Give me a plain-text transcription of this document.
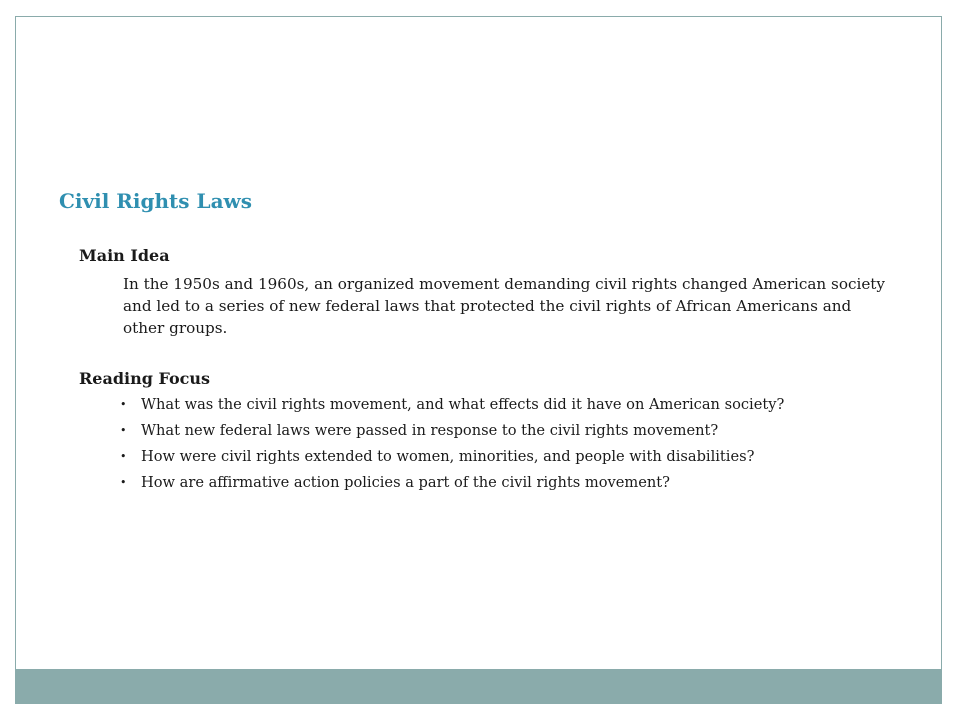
Civil Rights Laws
Main Idea

In the 1950s and 1960s, an organized movement demanding civil rights changed American society and led to a series of new federal laws that protected the civil rights of African Americans and other groups.

Reading Focus
• What was the civil rights movement, and what effects did it have on American society?
• What new federal laws were passed in response to the civil rights movement?
• How were civil rights extended to women, minorities, and people with disabilities?
• How are affirmative action policies a part of the civil rights movement?
